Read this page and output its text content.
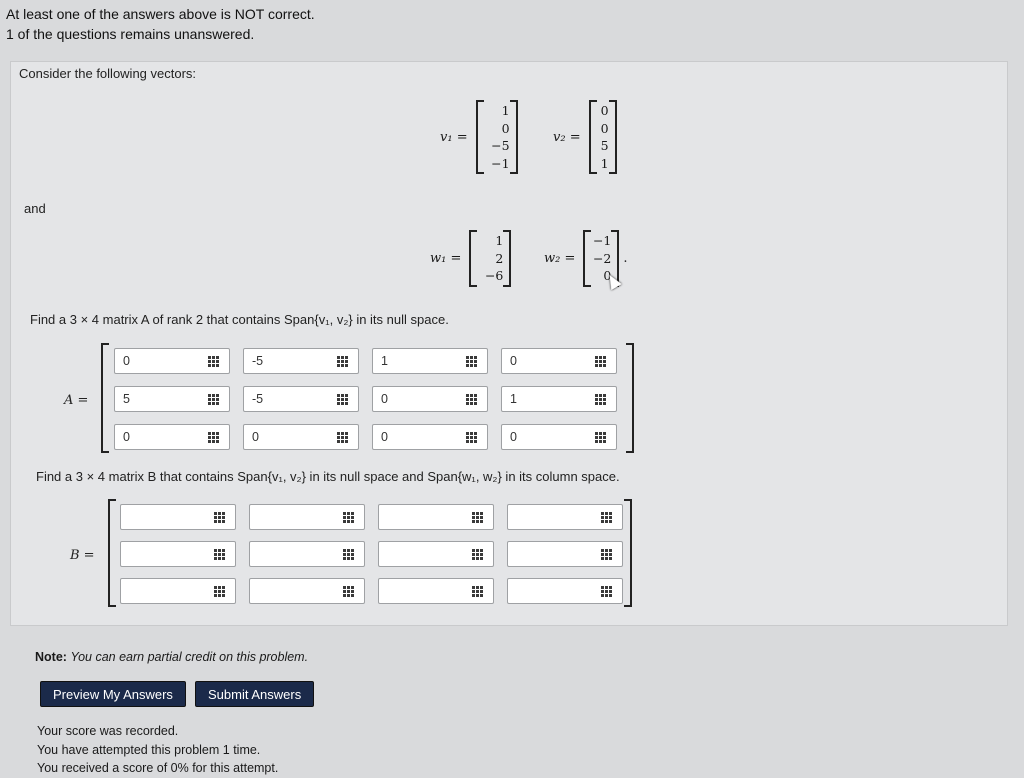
At least one of the answers above is NOT correct.
1 of the questions remains unanswered.
Consider the following vectors:
v₁ =
1
0
−5
−1
v₂ =
0
0
5
1
and
w₁ =
1
2
−6
w₂ =
−1
−2
0
.
Find a 3 × 4 matrix A of rank 2 that contains Span{v₁, v₂} in its null space.
A =
0	-5	1	0
5	-5	0	1
0	0	0	0
Find a 3 × 4 matrix B that contains Span{v₁, v₂} in its null space and Span{w₁, w₂} in its column space.
B =
Note: You can earn partial credit on this problem.
Preview My Answers	Submit Answers
Your score was recorded.
You have attempted this problem 1 time.
You received a score of 0% for this attempt.
